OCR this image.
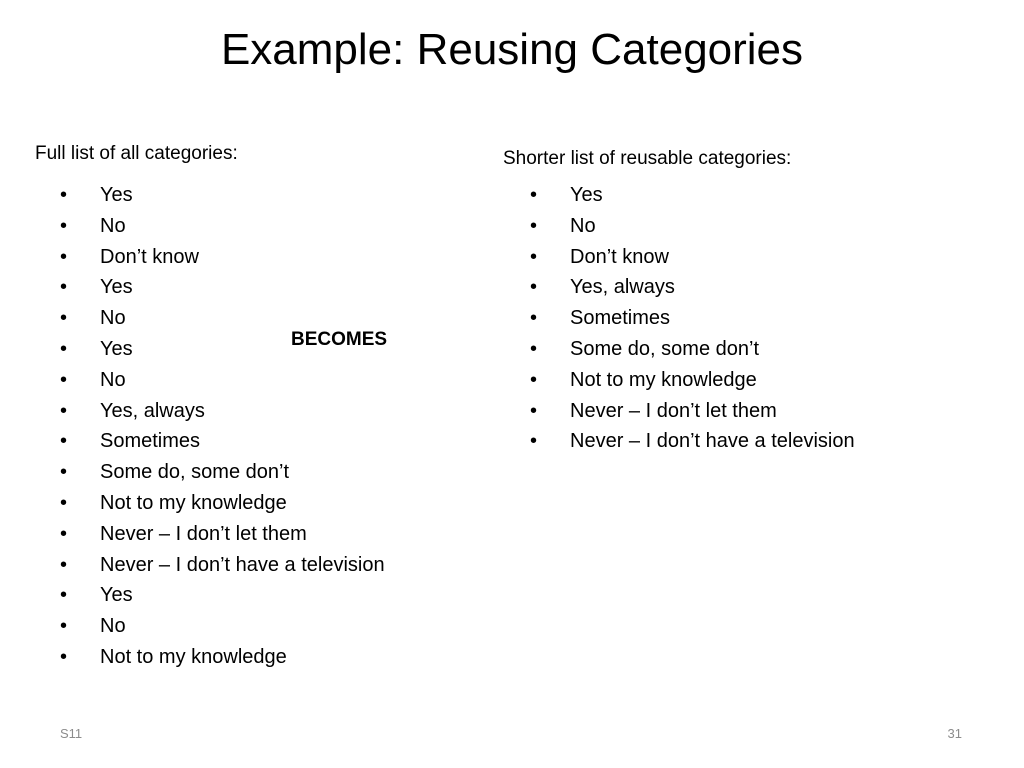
Example: Reusing Categories
Full list of all categories:
• Yes
• No
• Don’t know
• Yes
• No
• Yes
• No
• Yes, always
• Sometimes
• Some do, some don’t
• Not to my knowledge
• Never – I don’t let them
• Never – I don’t have a television
• Yes
• No
• Not to my knowledge
BECOMES
Shorter list of reusable categories:
• Yes
• No
• Don’t know
• Yes, always
• Sometimes
• Some do, some don’t
• Not to my knowledge
• Never – I don’t let them
• Never – I don’t have a television
S11	31
